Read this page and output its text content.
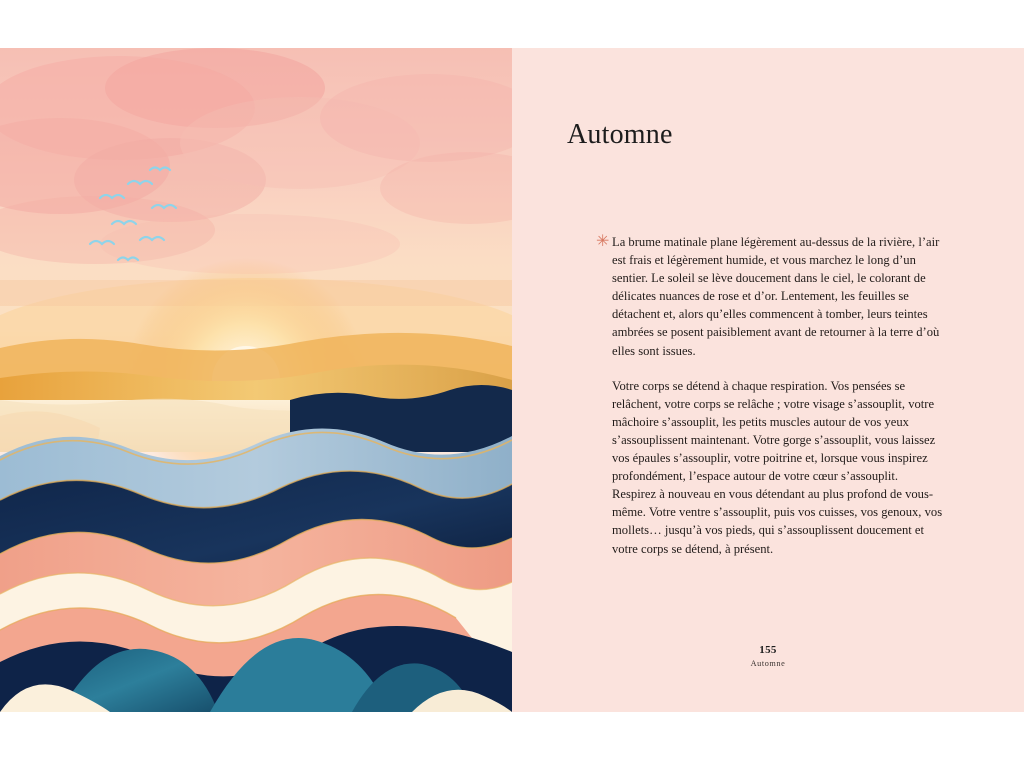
Automne

✳ La brume matinale plane légèrement au-dessus de la rivière, l’air est frais et légèrement humide, et vous marchez le long d’un sentier. Le soleil se lève doucement dans le ciel, le colorant de délicates nuances de rose et d’or. Lentement, les feuilles se détachent et, alors qu’elles commencent à tomber, leurs teintes ambrées se posent paisiblement avant de retourner à la terre d’où elles sont issues.

Votre corps se détend à chaque respiration. Vos pensées se relâchent, votre corps se relâche ; votre visage s’assouplit, votre mâchoire s’assouplit, les petits muscles autour de vos yeux s’assouplissent maintenant. Votre gorge s’assouplit, vous laissez vos épaules s’assouplir, votre poitrine et, lorsque vous inspirez profondément, l’espace autour de votre cœur s’assouplit. Respirez à nouveau en vous détendant au plus profond de vous-même. Votre ventre s’assouplit, puis vos cuisses, vos genoux, vos mollets… jusqu’à vos pieds, qui s’assouplissent doucement et votre corps se détend, à présent.

155
Automne
